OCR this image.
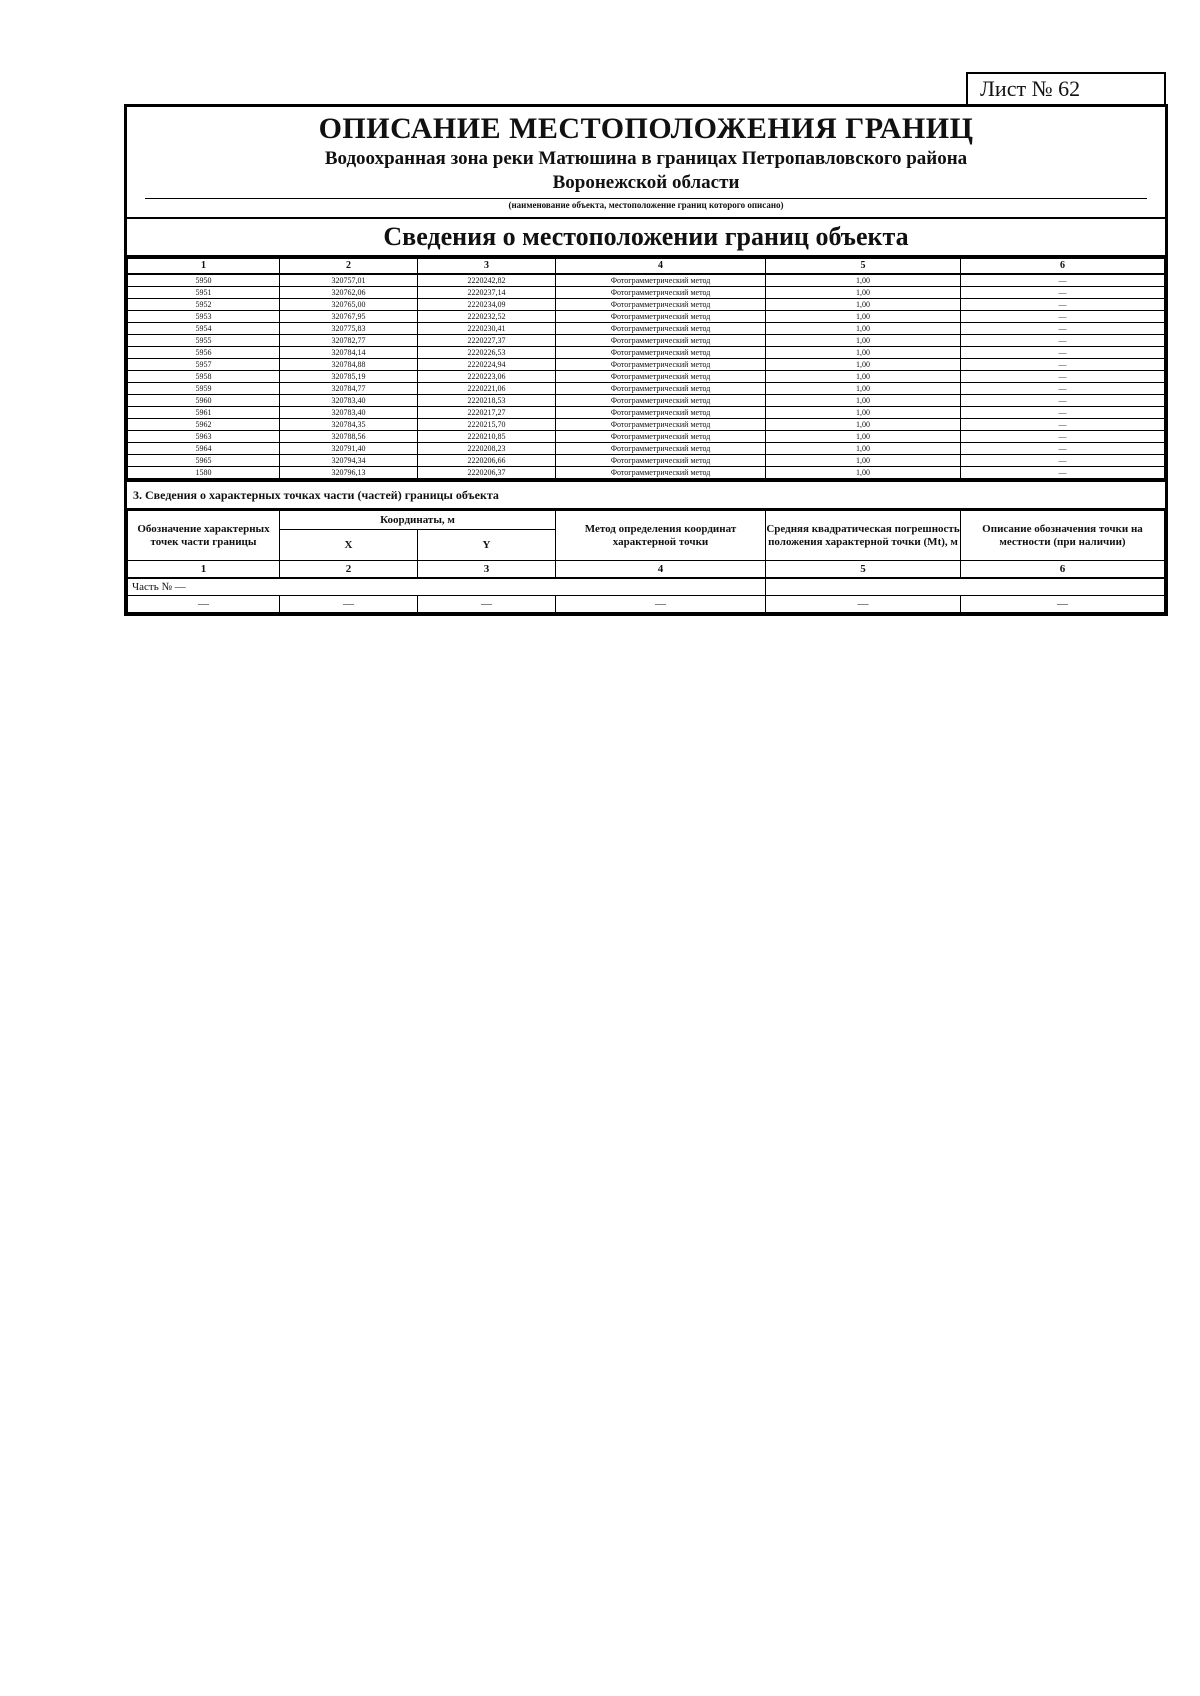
Лист № 62
ОПИСАНИЕ МЕСТОПОЛОЖЕНИЯ ГРАНИЦ
Водоохранная зона реки Матюшина в границах Петропавловского района
Воронежской области
(наименование объекта, местоположение границ которого описано)
Сведения о местоположении границ объекта
1	2	3	4	5	6
5950	320757,01	2220242,82	Фотограмметрический метод	1,00	—
5951	320762,06	2220237,14	Фотограмметрический метод	1,00	—
5952	320765,00	2220234,09	Фотограмметрический метод	1,00	—
5953	320767,95	2220232,52	Фотограмметрический метод	1,00	—
5954	320775,83	2220230,41	Фотограмметрический метод	1,00	—
5955	320782,77	2220227,37	Фотограмметрический метод	1,00	—
5956	320784,14	2220226,53	Фотограмметрический метод	1,00	—
5957	320784,88	2220224,94	Фотограмметрический метод	1,00	—
5958	320785,19	2220223,06	Фотограмметрический метод	1,00	—
5959	320784,77	2220221,06	Фотограмметрический метод	1,00	—
5960	320783,40	2220218,53	Фотограмметрический метод	1,00	—
5961	320783,40	2220217,27	Фотограмметрический метод	1,00	—
5962	320784,35	2220215,70	Фотограмметрический метод	1,00	—
5963	320788,56	2220210,85	Фотограмметрический метод	1,00	—
5964	320791,40	2220208,23	Фотограмметрический метод	1,00	—
5965	320794,34	2220206,66	Фотограмметрический метод	1,00	—
1580	320796,13	2220206,37	Фотограмметрический метод	1,00	—
3. Сведения о характерных точках части (частей) границы объекта
Обозначение характерных точек части границы	Координаты, м		Метод определения координат характерной точки	Средняя квадратическая погрешность положения характерной точки (Mt), м	Описание обозначения точки на местности (при наличии)
	X	Y			
1	2	3	4	5	6
Часть № —					
—	—	—	—	—	—
